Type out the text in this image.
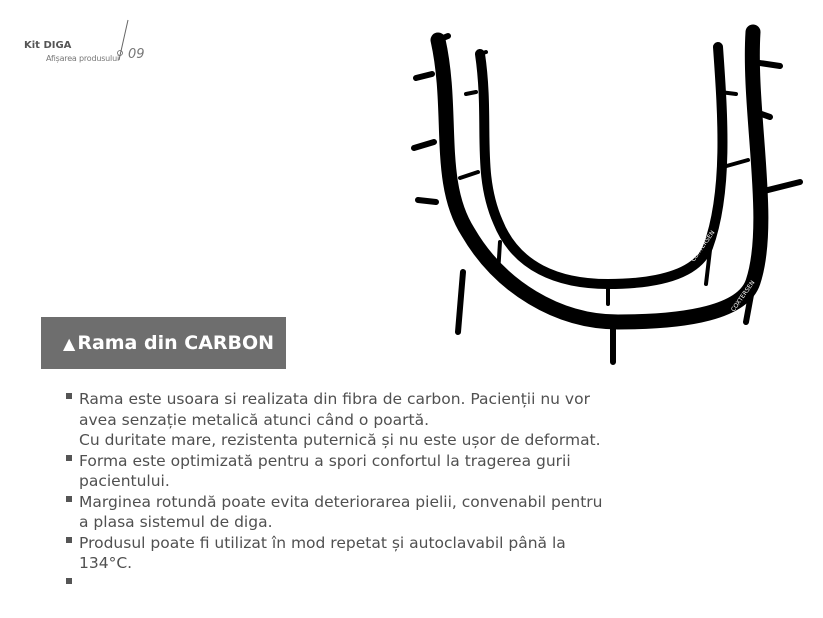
Kit DIGA
Afișarea produsului 09
COXTERSEN
COXTERSEN
▲ Rama din CARBON
Rama este usoara si realizata din fibra de carbon. Pacienții nu vor
avea senzație metalică atunci când o poartă.
Cu duritate mare, rezistenta puternică și nu este ușor de deformat.
Forma este optimizată pentru a spori confortul la tragerea gurii
pacientului.
Marginea rotundă poate evita deteriorarea pielii, convenabil pentru
a plasa sistemul de diga.
Produsul poate fi utilizat în mod repetat și autoclavabil până la
134°C.
